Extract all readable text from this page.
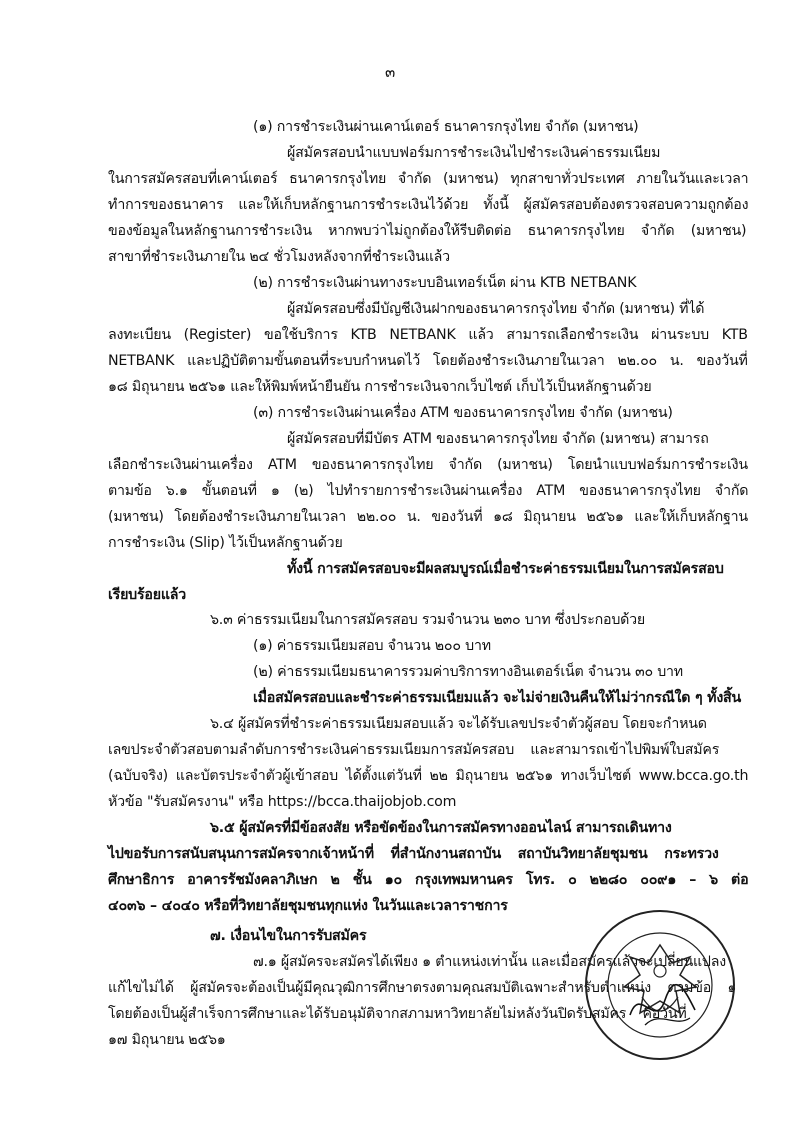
๓
(๑) การชำระเงินผ่านเคาน์เตอร์ ธนาคารกรุงไทย จำกัด (มหาชน)
ผู้สมัครสอบนำแบบฟอร์มการชำระเงินไปชำระเงินค่าธรรมเนียม
ในการสมัครสอบที่เคาน์เตอร์ ธนาคารกรุงไทย จำกัด (มหาชน) ทุกสาขาทั่วประเทศ ภายในวันและเวลา
ทำการของธนาคาร และให้เก็บหลักฐานการชำระเงินไว้ด้วย ทั้งนี้ ผู้สมัครสอบต้องตรวจสอบความถูกต้อง
ของข้อมูลในหลักฐานการชำระเงิน หากพบว่าไม่ถูกต้องให้รีบติดต่อ ธนาคารกรุงไทย จำกัด (มหาชน)
สาขาที่ชำระเงินภายใน ๒๔ ชั่วโมงหลังจากที่ชำระเงินแล้ว
(๒) การชำระเงินผ่านทางระบบอินเทอร์เน็ต ผ่าน KTB NETBANK
ผู้สมัครสอบซึ่งมีบัญชีเงินฝากของธนาคารกรุงไทย จำกัด (มหาชน) ที่ได้
ลงทะเบียน (Register) ขอใช้บริการ KTB NETBANK แล้ว สามารถเลือกชำระเงิน ผ่านระบบ KTB
NETBANK และปฏิบัติตามขั้นตอนที่ระบบกำหนดไว้ โดยต้องชำระเงินภายในเวลา ๒๒.๐๐ น. ของวันที่
๑๘ มิถุนายน ๒๕๖๑ และให้พิมพ์หน้ายืนยัน การชำระเงินจากเว็บไซต์ เก็บไว้เป็นหลักฐานด้วย
(๓) การชำระเงินผ่านเครื่อง ATM ของธนาคารกรุงไทย จำกัด (มหาชน)
ผู้สมัครสอบที่มีบัตร ATM ของธนาคารกรุงไทย จำกัด (มหาชน) สามารถ
เลือกชำระเงินผ่านเครื่อง ATM ของธนาคารกรุงไทย จำกัด (มหาชน) โดยนำแบบฟอร์มการชำระเงิน
ตามข้อ ๖.๑ ขั้นตอนที่ ๑ (๒) ไปทำรายการชำระเงินผ่านเครื่อง ATM ของธนาคารกรุงไทย จำกัด
(มหาชน) โดยต้องชำระเงินภายในเวลา ๒๒.๐๐ น. ของวันที่ ๑๘ มิถุนายน ๒๕๖๑ และให้เก็บหลักฐาน
การชำระเงิน (Slip) ไว้เป็นหลักฐานด้วย
ทั้งนี้ การสมัครสอบจะมีผลสมบูรณ์เมื่อชำระค่าธรรมเนียมในการสมัครสอบ
เรียบร้อยแล้ว
๖.๓ ค่าธรรมเนียมในการสมัครสอบ รวมจำนวน ๒๓๐ บาท ซึ่งประกอบด้วย
(๑) ค่าธรรมเนียมสอบ จำนวน ๒๐๐ บาท
(๒) ค่าธรรมเนียมธนาคารรวมค่าบริการทางอินเตอร์เน็ต จำนวน ๓๐ บาท
เมื่อสมัครสอบและชำระค่าธรรมเนียมแล้ว จะไม่จ่ายเงินคืนให้ไม่ว่ากรณีใด ๆ ทั้งสิ้น
๖.๔ ผู้สมัครที่ชำระค่าธรรมเนียมสอบแล้ว จะได้รับเลขประจำตัวผู้สอบ โดยจะกำหนด
เลขประจำตัวสอบตามลำดับการชำระเงินค่าธรรมเนียมการสมัครสอบ และสามารถเข้าไปพิมพ์ใบสมัคร
(ฉบับจริง) และบัตรประจำตัวผู้เข้าสอบ ได้ตั้งแต่วันที่ ๒๒ มิถุนายน ๒๕๖๑ ทางเว็บไซต์ www.bcca.go.th
หัวข้อ "รับสมัครงาน" หรือ https://bcca.thaijobjob.com
๖.๕ ผู้สมัครที่มีข้อสงสัย หรือขัดข้องในการสมัครทางออนไลน์ สามารถเดินทาง
ไปขอรับการสนับสนุนการสมัครจากเจ้าหน้าที่ ที่สำนักงานสถาบัน สถาบันวิทยาลัยชุมชน กระทรวง
ศึกษาธิการ อาคารรัชมังคลาภิเษก ๒ ชั้น ๑๐ กรุงเทพมหานคร โทร. ๐ ๒๒๘๐ ๐๐๙๑ – ๖ ต่อ
๔๐๓๖ – ๔๐๔๐ หรือที่วิทยาลัยชุมชนทุกแห่ง ในวันและเวลาราชการ
๗. เงื่อนไขในการรับสมัคร
๗.๑ ผู้สมัครจะสมัครได้เพียง ๑ ตำแหน่งเท่านั้น และเมื่อสมัครแล้วจะเปลี่ยนแปลง
แก้ไขไม่ได้ ผู้สมัครจะต้องเป็นผู้มีคุณวุฒิการศึกษาตรงตามคุณสมบัติเฉพาะสำหรับตำแหน่ง ตามข้อ ๑
โดยต้องเป็นผู้สำเร็จการศึกษาและได้รับอนุมัติจากสภามหาวิทยาลัยไม่หลังวันปิดรับสมัคร คือวันที่
๑๗ มิถุนายน ๒๕๖๑
